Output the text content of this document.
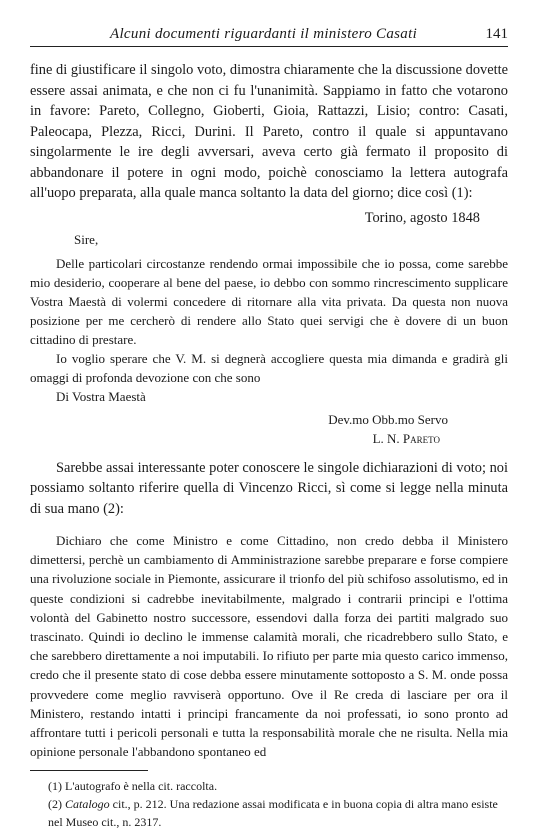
Alcuni documenti riguardanti il ministero Casati	141

fine di giustificare il singolo voto, dimostra chiaramente che la discussione dovette essere assai animata, e che non ci fu l'unanimità. Sappiamo in fatto che votarono in favore: Pareto, Collegno, Gioberti, Gioia, Rattazzi, Lisio; contro: Casati, Paleocapa, Plezza, Ricci, Durini. Il Pareto, contro il quale si appuntavano singolarmente le ire degli avversari, aveva certo già fermato il proposito di abbandonare il potere in ogni modo, poichè conosciamo la lettera autografa all'uopo preparata, alla quale manca soltanto la data del giorno; dice così (1):

Torino, agosto 1848

Sire,

Delle particolari circostanze rendendo ormai impossibile che io possa, come sarebbe mio desiderio, cooperare al bene del paese, io debbo con sommo rincrescimento supplicare Vostra Maestà di volermi concedere di ritornare alla vita privata. Da questa non nuova posizione per me cercherò di rendere allo Stato quei servigi che è dovere di un buon cittadino di prestare.

Io voglio sperare che V. M. si degnerà accogliere questa mia dimanda e gradirà gli omaggi di profonda devozione con che sono

Di Vostra Maestà

Dev.mo Obb.mo Servo

L. N. Pareto

Sarebbe assai interessante poter conoscere le singole dichiarazioni di voto; noi possiamo soltanto riferire quella di Vincenzo Ricci, sì come si legge nella minuta di sua mano (2):

Dichiaro che come Ministro e come Cittadino, non credo debba il Ministero dimettersi, perchè un cambiamento di Amministrazione sarebbe preparare e forse compiere una rivoluzione sociale in Piemonte, assicurare il trionfo del più schifoso assolutismo, ed in queste condizioni si cadrebbe inevitabilmente, malgrado i contrarii principi e l'ottima volontà del Gabinetto nostro successore, essendovi dalla forza dei partiti malgrado suo trascinato. Quindi io declino le immense calamità morali, che ricadrebbero sullo Stato, e che sarebbero direttamente a noi imputabili. Io rifiuto per parte mia questo carico immenso, credo che il presente stato di cose debba essere minutamente sottoposto a S. M. onde possa provvedere come meglio ravviserà opportuno. Ove il Re creda di lasciare per ora il Ministero, restando intatti i principi francamente da noi professati, io sono pronto ad affrontare tutti i pericoli personali e tutta la responsabilità morale che ne risulta. Nella mia opinione personale l'abbandono spontaneo ed

(1) L'autografo è nella cit. raccolta.

(2) Catalogo cit., p. 212. Una redazione assai modificata e in buona copia di altra mano esiste nel Museo cit., n. 2317.
